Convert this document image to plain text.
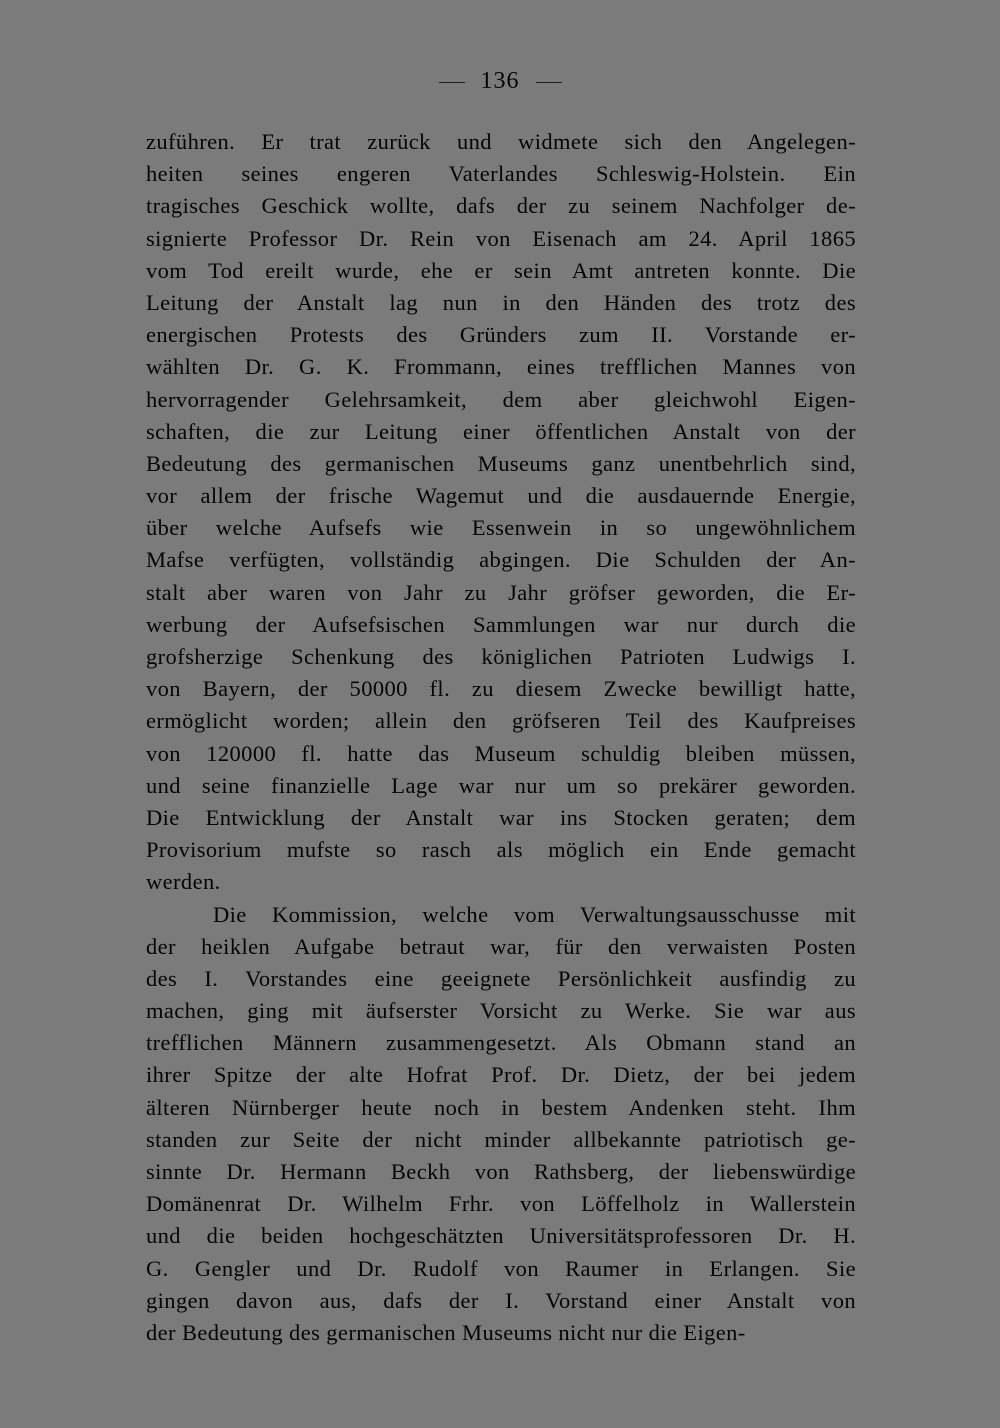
136
zuführen. Er trat zurück und widmete sich den Angelegen-
heiten seines engeren Vaterlandes Schleswig-Holstein. Ein
tragisches Geschick wollte, dafs der zu seinem Nachfolger de-
signierte Professor Dr. Rein von Eisenach am 24. April 1865
vom Tod ereilt wurde, ehe er sein Amt antreten konnte. Die
Leitung der Anstalt lag nun in den Händen des trotz des
energischen Protests des Gründers zum II. Vorstande er-
wählten Dr. G. K. Frommann, eines trefflichen Mannes von
hervorragender Gelehrsamkeit, dem aber gleichwohl Eigen-
schaften, die zur Leitung einer öffentlichen Anstalt von der
Bedeutung des germanischen Museums ganz unentbehrlich sind,
vor allem der frische Wagemut und die ausdauernde Energie,
über welche Aufsefs wie Essenwein in so ungewöhnlichem
Mafse verfügten, vollständig abgingen. Die Schulden der An-
stalt aber waren von Jahr zu Jahr gröfser geworden, die Er-
werbung der Aufsefsischen Sammlungen war nur durch die
grofsherzige Schenkung des königlichen Patrioten Ludwigs I.
von Bayern, der 50000 fl. zu diesem Zwecke bewilligt hatte,
ermöglicht worden; allein den gröfseren Teil des Kaufpreises
von 120000 fl. hatte das Museum schuldig bleiben müssen,
und seine finanzielle Lage war nur um so prekärer geworden.
Die Entwicklung der Anstalt war ins Stocken geraten; dem
Provisorium mufste so rasch als möglich ein Ende gemacht
werden.
Die Kommission, welche vom Verwaltungsausschusse mit
der heiklen Aufgabe betraut war, für den verwaisten Posten
des I. Vorstandes eine geeignete Persönlichkeit ausfindig zu
machen, ging mit äufserster Vorsicht zu Werke. Sie war aus
trefflichen Männern zusammengesetzt. Als Obmann stand an
ihrer Spitze der alte Hofrat Prof. Dr. Dietz, der bei jedem
älteren Nürnberger heute noch in bestem Andenken steht. Ihm
standen zur Seite der nicht minder allbekannte patriotisch ge-
sinnte Dr. Hermann Beckh von Rathsberg, der liebenswürdige
Domänenrat Dr. Wilhelm Frhr. von Löffelholz in Wallerstein
und die beiden hochgeschätzten Universitätsprofessoren Dr. H.
G. Gengler und Dr. Rudolf von Raumer in Erlangen. Sie
gingen davon aus, dafs der I. Vorstand einer Anstalt von
der Bedeutung des germanischen Museums nicht nur die Eigen-
